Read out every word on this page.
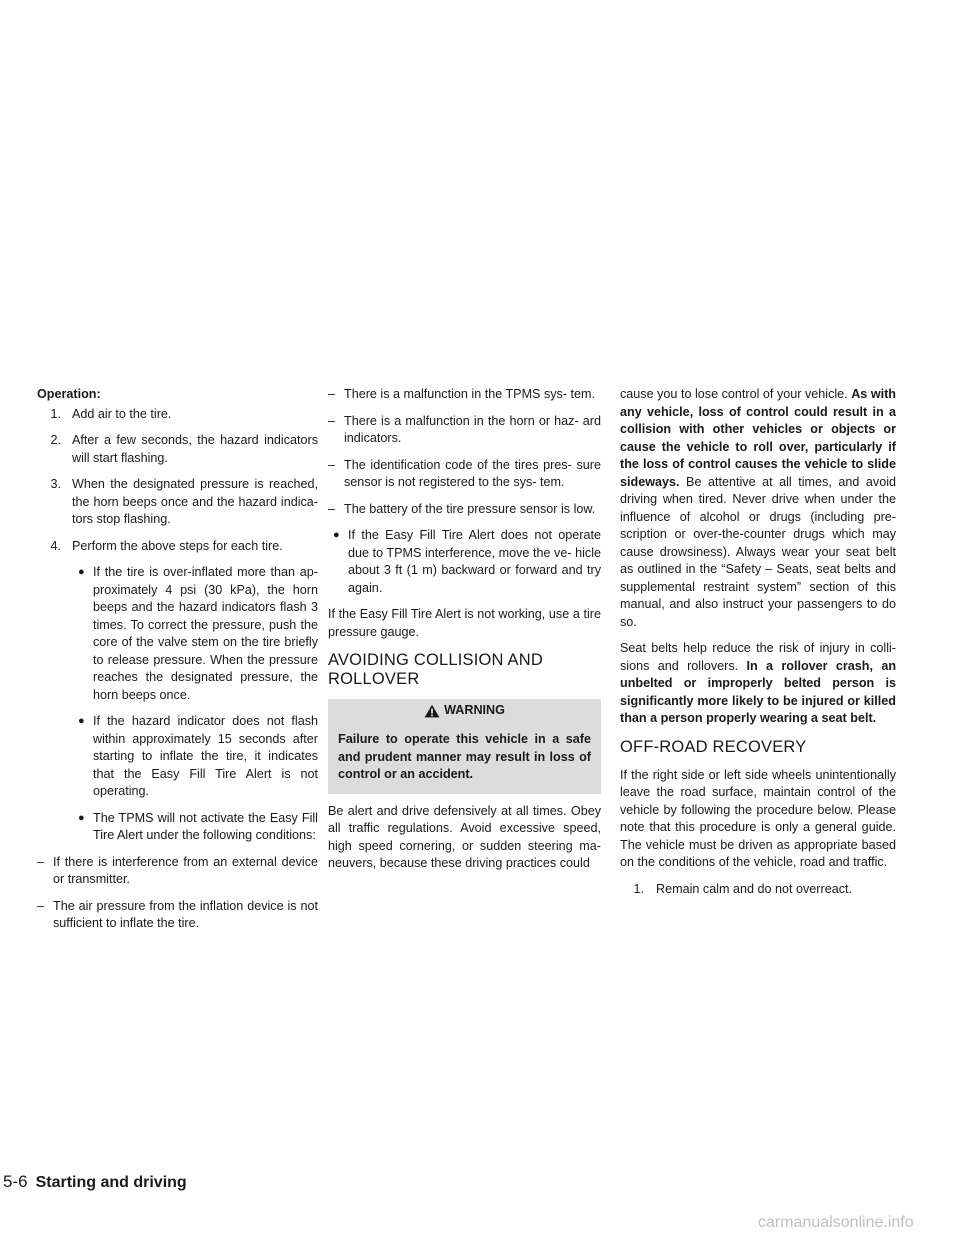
Operation:
1. Add air to the tire.
2. After a few seconds, the hazard indicators will start flashing.
3. When the designated pressure is reached, the horn beeps once and the hazard indica- tors stop flashing.
4. Perform the above steps for each tire.
● If the tire is over-inflated more than ap- proximately 4 psi (30 kPa), the horn beeps and the hazard indicators flash 3 times. To correct the pressure, push the core of the valve stem on the tire briefly to release pressure. When the pressure reaches the designated pressure, the horn beeps once.
● If the hazard indicator does not flash within approximately 15 seconds after starting to inflate the tire, it indicates that the Easy Fill Tire Alert is not operating.
● The TPMS will not activate the Easy Fill Tire Alert under the following conditions:
– If there is interference from an external device or transmitter.
– The air pressure from the inflation device is not sufficient to inflate the tire.
– There is a malfunction in the TPMS sys- tem.
– There is a malfunction in the horn or haz- ard indicators.
– The identification code of the tires pres- sure sensor is not registered to the sys- tem.
– The battery of the tire pressure sensor is low.
● If the Easy Fill Tire Alert does not operate due to TPMS interference, move the ve- hicle about 3 ft (1 m) backward or forward and try again.

If the Easy Fill Tire Alert is not working, use a tire pressure gauge.

AVOIDING COLLISION AND ROLLOVER
WARNING
Failure to operate this vehicle in a safe and prudent manner may result in loss of control or an accident.

Be alert and drive defensively at all times. Obey all traffic regulations. Avoid excessive speed, high speed cornering, or sudden steering ma- neuvers, because these driving practices could

cause you to lose control of your vehicle. As with any vehicle, loss of control could result in a collision with other vehicles or objects or cause the vehicle to roll over, particularly if the loss of control causes the vehicle to slide sideways. Be attentive at all times, and avoid driving when tired. Never drive when under the influence of alcohol or drugs (including pre- scription or over-the-counter drugs which may cause drowsiness). Always wear your seat belt as outlined in the “Safety – Seats, seat belts and supplemental restraint system” section of this manual, and also instruct your passengers to do so.

Seat belts help reduce the risk of injury in colli- sions and rollovers. In a rollover crash, an unbelted or improperly belted person is significantly more likely to be injured or killed than a person properly wearing a seat belt.

OFF-ROAD RECOVERY

If the right side or left side wheels unintentionally leave the road surface, maintain control of the vehicle by following the procedure below. Please note that this procedure is only a general guide. The vehicle must be driven as appropriate based on the conditions of the vehicle, road and traffic.

1. Remain calm and do not overreact.
5-6 Starting and driving
carmanualsonline.info
